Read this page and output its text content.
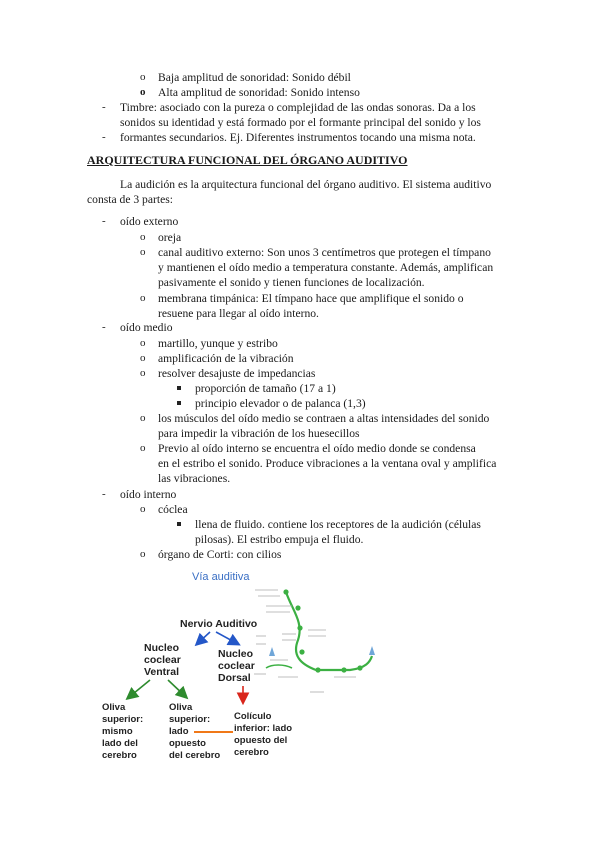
o Baja amplitud de sonoridad: Sonido débil
o Alta amplitud de sonoridad: Sonido intenso
- Timbre: asociado con la pureza o complejidad de las ondas sonoras. Da a los
sonidos su identidad y está formado por el formante principal del sonido y los
- formantes secundarios. Ej. Diferentes instrumentos tocando una misma nota.
ARQUITECTURA FUNCIONAL DEL ÓRGANO AUDITIVO
La audición es la arquitectura funcional del órgano auditivo. El sistema auditivo
consta de 3 partes:
- oído externo
o oreja
o canal auditivo externo: Son unos 3 centímetros que protegen el tímpano
y mantienen el oído medio a temperatura constante. Además, amplifican
pasivamente el sonido y tienen funciones de localización.
o membrana timpánica: El tímpano hace que amplifique el sonido o
resuene para llegar al oído interno.
- oído medio
o martillo, yunque y estribo
o amplificación de la vibración
o resolver desajuste de impedancias
proporción de tamaño (17 a 1)
principio elevador o de palanca (1,3)
o los músculos del oído medio se contraen a altas intensidades del sonido
para impedir la vibración de los huesecillos
o Previo al oído interno se encuentra el oído medio donde se condensa
en el estribo el sonido. Produce vibraciones a la ventana oval y amplifica
las vibraciones.
- oído interno
o cóclea
llena de fluido. contiene los receptores de la audición (células
pilosas). El estribo empuja el fluido.
o órgano de Corti: con cilios
Vía auditiva
Nervio Auditivo
Nucleo
coclear
Ventral
Nucleo
coclear
Dorsal
Oliva
superior:
mismo
lado del
cerebro
Oliva
superior:
lado
opuesto
del cerebro
Colículo
inferior: lado
opuesto del
cerebro
